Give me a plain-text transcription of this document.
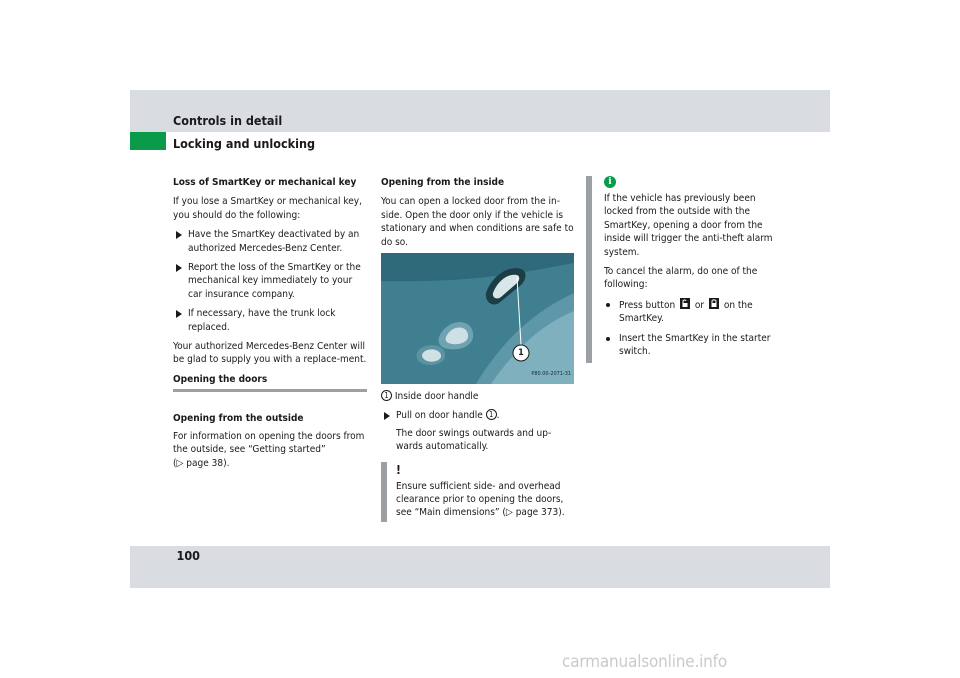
Controls in detail
Locking and unlocking

Loss of SmartKey or mechanical key

If you lose a SmartKey or mechanical key, you should do the following:

Have the SmartKey deactivated by an authorized Mercedes-Benz Center.
Report the loss of the SmartKey or the mechanical key immediately to your car insurance company.
If necessary, have the trunk lock replaced.

Your authorized Mercedes-Benz Center will be glad to supply you with a replace-ment.

Opening the doors

Opening from the outside

For information on opening the doors from the outside, see “Getting started”
(▷ page 38).

Opening from the inside

You can open a locked door from the in-side. Open the door only if the vehicle is stationary and when conditions are safe to do so.

1
P80.00-2071-31

1 Inside door handle

Pull on door handle 1 .

The door swings outwards and up-wards automatically.

!
Ensure sufficient side- and overhead clearance prior to opening the doors, see “Main dimensions” (▷ page 373).
i

If the vehicle has previously been locked from the outside with the SmartKey, opening a door from the inside will trigger the anti-theft alarm system.

To cancel the alarm, do one of the following:

Press button or on the SmartKey.
Insert the SmartKey in the starter switch.
100
carmanualsonline.info
